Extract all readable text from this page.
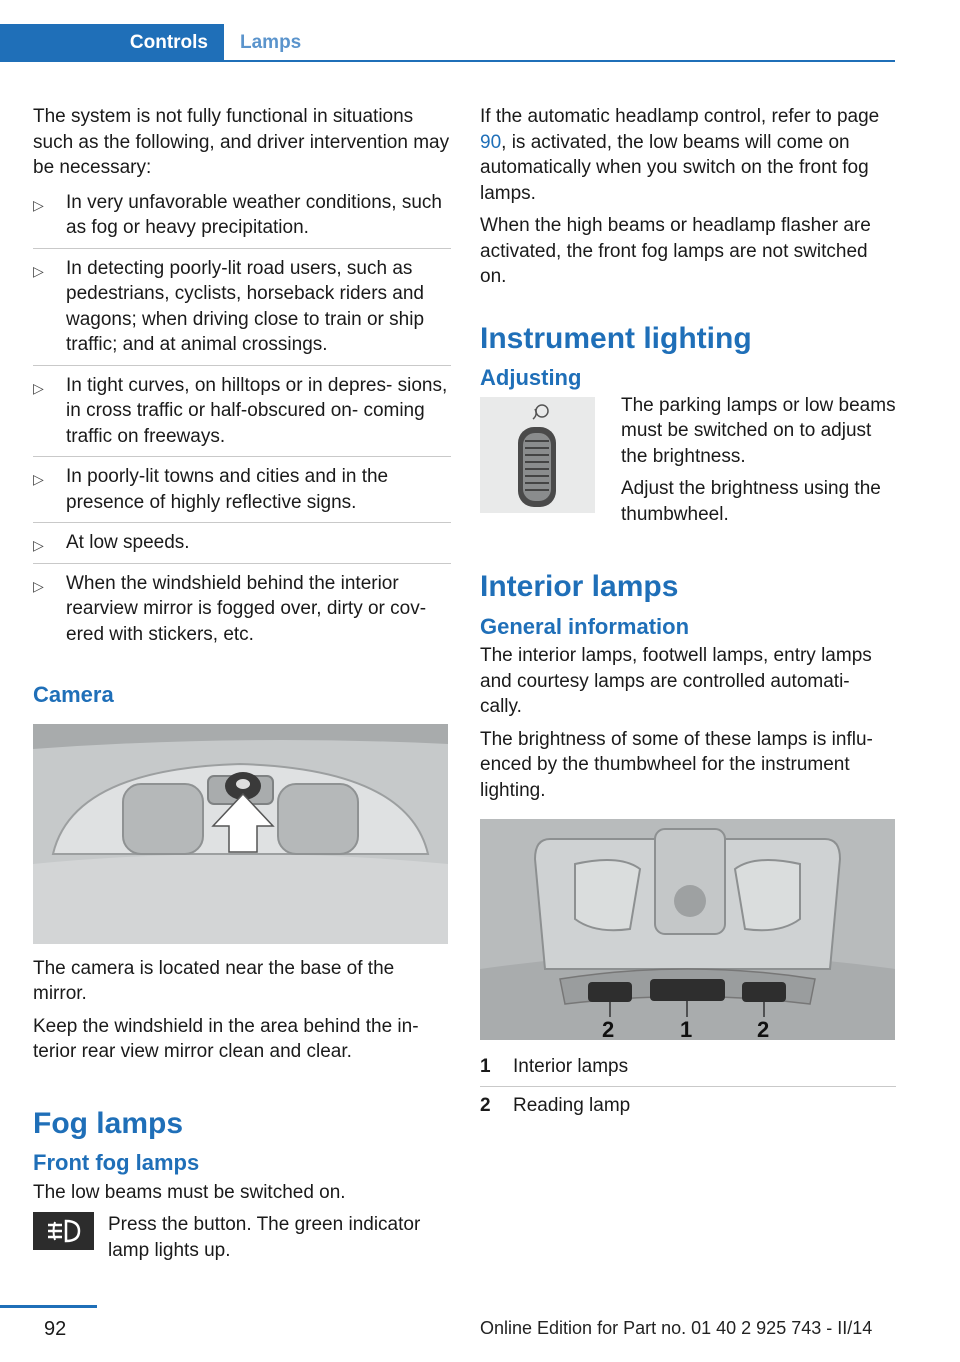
Controls	Lamps

The system is not fully functional in situations such as the following, and driver intervention may be necessary:

▷ In very unfavorable weather conditions, such as fog or heavy precipitation.
▷ In detecting poorly-lit road users, such as pedestrians, cyclists, horseback riders and wagons; when driving close to train or ship traffic; and at animal crossings.
▷ In tight curves, on hilltops or in depres‐ sions, in cross traffic or half-obscured on‐ coming traffic on freeways.
▷ In poorly-lit towns and cities and in the presence of highly reflective signs.
▷ At low speeds.
▷ When the windshield behind the interior rearview mirror is fogged over, dirty or cov‐ ered with stickers, etc.
Camera

The camera is located near the base of the mirror.

Keep the windshield in the area behind the in‐ terior rear view mirror clean and clear.

Fog lamps
Front fog lamps

The low beams must be switched on.

Press the button. The green indicator lamp lights up.

If the automatic headlamp control, refer to page 90, is activated, the low beams will come on automatically when you switch on the front fog lamps.

When the high beams or headlamp flasher are activated, the front fog lamps are not switched on.

Instrument lighting
Adjusting

The parking lamps or low beams must be switched on to adjust the brightness.

Adjust the brightness using the thumbwheel.

Interior lamps
General information

The interior lamps, footwell lamps, entry lamps and courtesy lamps are controlled automati‐ cally.

The brightness of some of these lamps is influ‐ enced by the thumbwheel for the instrument lighting.

2	1	2
1	Interior lamps
2	Reading lamp
92	Online Edition for Part no. 01 40 2 925 743 - II/14
